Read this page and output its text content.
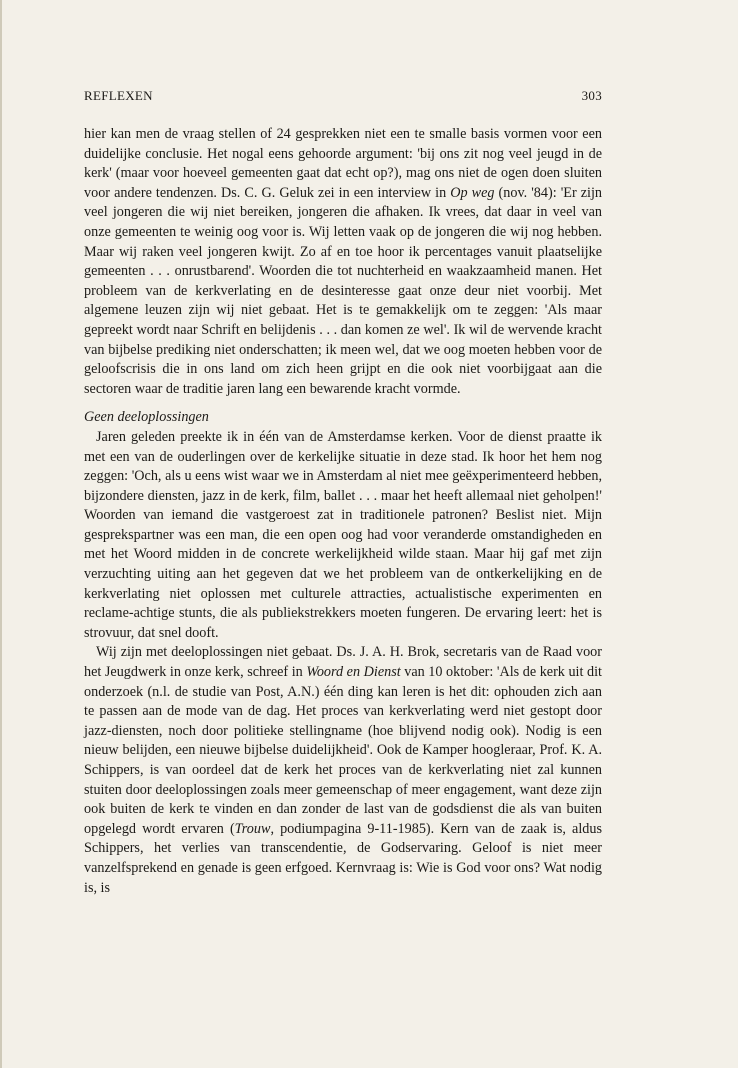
REFLEXEN	303

hier kan men de vraag stellen of 24 gesprekken niet een te smalle basis vormen voor een duidelijke conclusie. Het nogal eens gehoorde argument: 'bij ons zit nog veel jeugd in de kerk' (maar voor hoeveel gemeenten gaat dat echt op?), mag ons niet de ogen doen sluiten voor andere tendenzen. Ds. C. G. Geluk zei in een interview in Op weg (nov. '84): 'Er zijn veel jongeren die wij niet bereiken, jongeren die afhaken. Ik vrees, dat daar in veel van onze gemeenten te weinig oog voor is. Wij letten vaak op de jongeren die wij nog hebben. Maar wij raken veel jongeren kwijt. Zo af en toe hoor ik percentages vanuit plaatselijke gemeenten . . . onrustbarend'. Woorden die tot nuchterheid en waakzaamheid manen. Het probleem van de kerkverlating en de desinteresse gaat onze deur niet voorbij. Met algemene leuzen zijn wij niet gebaat. Het is te gemakkelijk om te zeggen: 'Als maar gepreekt wordt naar Schrift en belijdenis . . . dan komen ze wel'. Ik wil de wervende kracht van bijbelse prediking niet onderschatten; ik meen wel, dat we oog moeten hebben voor de geloofscrisis die in ons land om zich heen grijpt en die ook niet voorbijgaat aan die sectoren waar de traditie jaren lang een bewarende kracht vormde.

Geen deeloplossingen

Jaren geleden preekte ik in één van de Amsterdamse kerken. Voor de dienst praatte ik met een van de ouderlingen over de kerkelijke situatie in deze stad. Ik hoor het hem nog zeggen: 'Och, als u eens wist waar we in Amsterdam al niet mee geëxperimenteerd hebben, bijzondere diensten, jazz in de kerk, film, ballet . . . maar het heeft allemaal niet geholpen!' Woorden van iemand die vastgeroest zat in traditionele patronen? Beslist niet. Mijn gesprekspartner was een man, die een open oog had voor veranderde omstandigheden en met het Woord midden in de concrete werkelijkheid wilde staan. Maar hij gaf met zijn verzuchting uiting aan het gegeven dat we het probleem van de ontkerkelijking en de kerkverlating niet oplossen met culturele attracties, actualistische experimenten en reclame-achtige stunts, die als publiekstrekkers moeten fungeren. De ervaring leert: het is strovuur, dat snel dooft.

Wij zijn met deeloplossingen niet gebaat. Ds. J. A. H. Brok, secretaris van de Raad voor het Jeugdwerk in onze kerk, schreef in Woord en Dienst van 10 oktober: 'Als de kerk uit dit onderzoek (n.l. de studie van Post, A.N.) één ding kan leren is het dit: ophouden zich aan te passen aan de mode van de dag. Het proces van kerkverlating werd niet gestopt door jazz-diensten, noch door politieke stellingname (hoe blijvend nodig ook). Nodig is een nieuw belijden, een nieuwe bijbelse duidelijkheid'. Ook de Kamper hoogleraar, Prof. K. A. Schippers, is van oordeel dat de kerk het proces van de kerkverlating niet zal kunnen stuiten door deeloplossingen zoals meer gemeenschap of meer engagement, want deze zijn ook buiten de kerk te vinden en dan zonder de last van de godsdienst die als van buiten opgelegd wordt ervaren (Trouw, podiumpagina 9-11-1985). Kern van de zaak is, aldus Schippers, het verlies van transcendentie, de Godservaring. Geloof is niet meer vanzelfsprekend en genade is geen erfgoed. Kernvraag is: Wie is God voor ons? Wat nodig is, is
